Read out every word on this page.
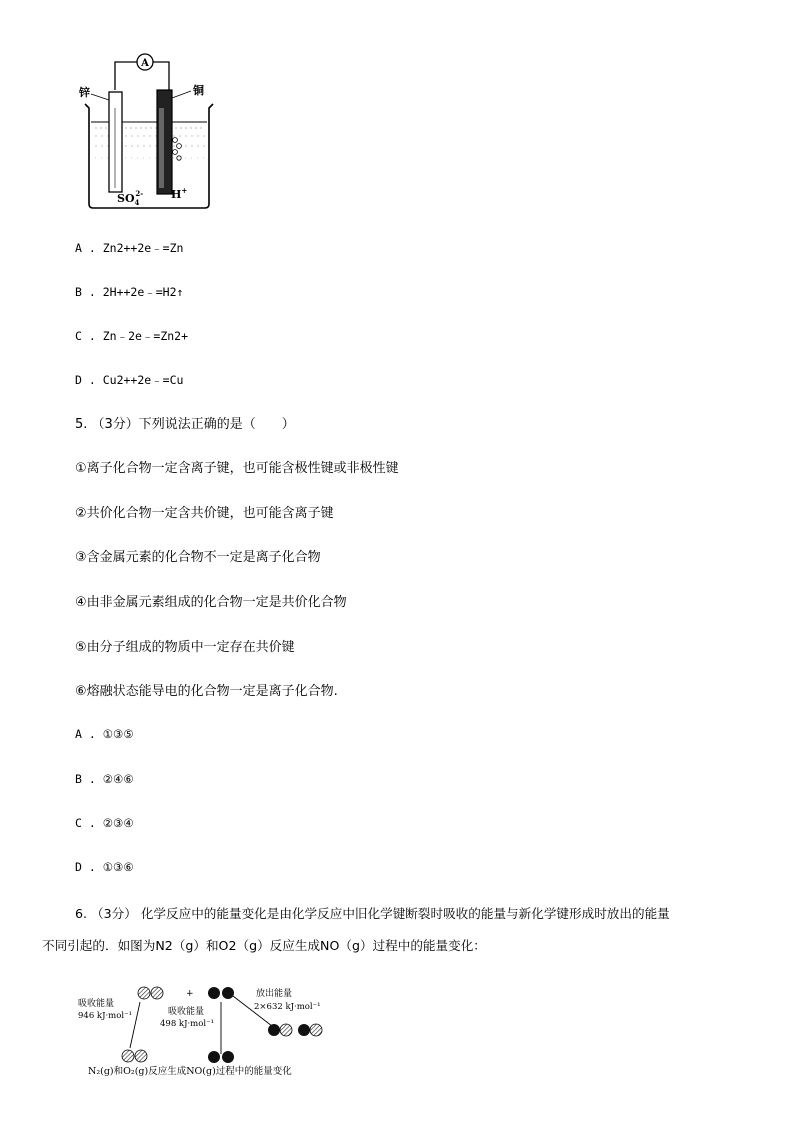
A
锌	铜
$SO_42-$	H+
A . Zn2++2e﹣=Zn
B . 2H++2e﹣=H2↑
C . Zn﹣2e﹣=Zn2+
D . Cu2++2e﹣=Cu
5. （3分）下列说法正确的是（　　）
①离子化合物一定含离子键，也可能含极性键或非极性键
②共价化合物一定含共价键，也可能含离子键
③含金属元素的化合物不一定是离子化合物
④由非金属元素组成的化合物一定是共价化合物
⑤由分子组成的物质中一定存在共价键
⑥熔融状态能导电的化合物一定是离子化合物.
A . ①③⑤
B . ②④⑥
C . ②③④
D . ①③⑥
6. （3分） 化学反应中的能量变化是由化学反应中旧化学键断裂时吸收的能量与新化学键形成时放出的能量
不同引起的．如图为N2（g）和O2（g）反应生成NO（g）过程中的能量变化：
+
吸收能量
946 kJ·mol⁻¹	吸收能量
498 kJ·mol⁻¹
放出能量
2×632 kJ·mol⁻¹
N₂(g)和O₂(g)反应生成NO(g)过程中的能量变化
